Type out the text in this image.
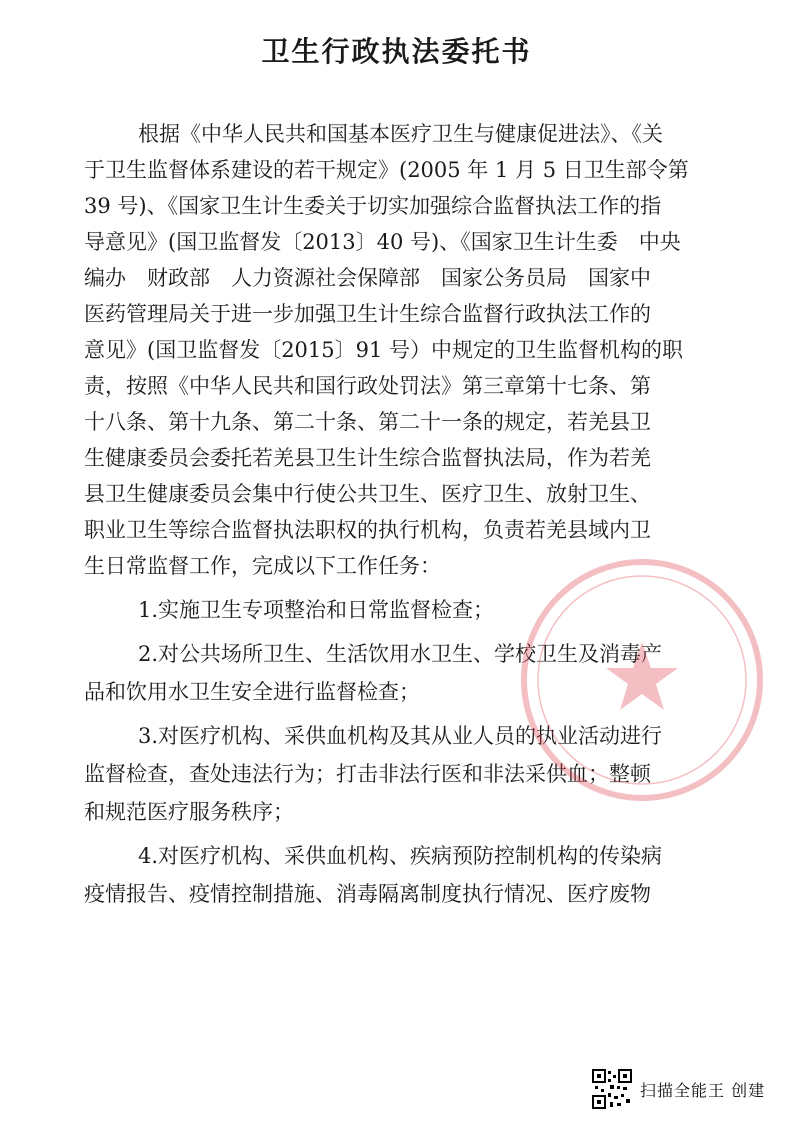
卫生行政执法委托书
根据《中华人民共和国基本医疗卫生与健康促进法》、《关
于卫生监督体系建设的若干规定》(2005 年 1 月 5 日卫生部令第
39 号)、《国家卫生计生委关于切实加强综合监督执法工作的指
导意见》(国卫监督发〔2013〕40 号)、《国家卫生计生委　中央
编办　财政部　人力资源社会保障部　国家公务员局　国家中
医药管理局关于进一步加强卫生计生综合监督行政执法工作的
意见》(国卫监督发〔2015〕91 号）中规定的卫生监督机构的职
责，按照《中华人民共和国行政处罚法》第三章第十七条、第
十八条、第十九条、第二十条、第二十一条的规定，若羌县卫
生健康委员会委托若羌县卫生计生综合监督执法局，作为若羌
县卫生健康委员会集中行使公共卫生、医疗卫生、放射卫生、
职业卫生等综合监督执法职权的执行机构，负责若羌县域内卫
生日常监督工作，完成以下工作任务：
1.实施卫生专项整治和日常监督检查；
2.对公共场所卫生、生活饮用水卫生、学校卫生及消毒产
品和饮用水卫生安全进行监督检查；
3.对医疗机构、采供血机构及其从业人员的执业活动进行
监督检查，查处违法行为；打击非法行医和非法采供血；整顿
和规范医疗服务秩序；
4.对医疗机构、采供血机构、疾病预防控制机构的传染病
疫情报告、疫情控制措施、消毒隔离制度执行情况、医疗废物
扫描全能王 创建
